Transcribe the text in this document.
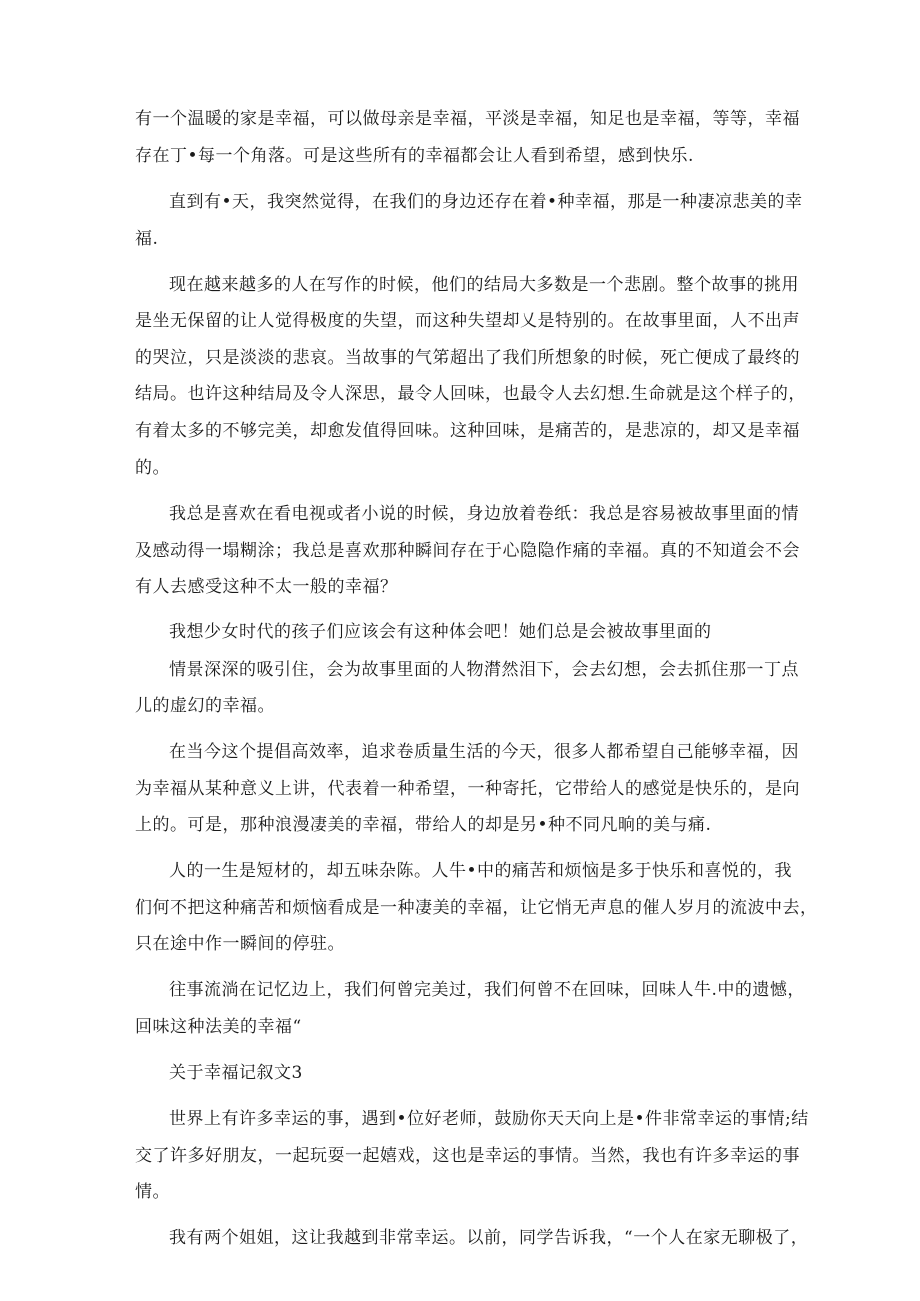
有一个温暖的家是幸福，可以做母亲是幸福，平淡是幸福，知足也是幸福，等等，幸福
存在丁•每一个角落。可是这些所有的幸福都会让人看到希望，感到快乐.
直到有•天，我突然觉得，在我们的身边还存在着•种幸福，那是一种凄凉悲美的幸
福.
现在越来越多的人在写作的时候，他们的结局大多数是一个悲剧。整个故事的挑用
是坐无保留的让人觉得极度的失望，而这种失望却乂是特别的。在故事里面，人不出声
的哭泣，只是淡淡的悲哀。当故事的气笫超出了我们所想象的时候，死亡便成了最终的
结局。也许这种结局及令人深思，最令人回味，也最令人去幻想.生命就是这个样子的，
有着太多的不够完美，却愈发值得回味。这种回味，是痛苦的，是悲凉的，却又是幸福
的。
我总是喜欢在看电视或者小说的时候，身边放着卷纸：我总是容易被故事里面的情
及感动得一塌糊涂；我总是喜欢那种瞬间存在于心隐隐作痛的幸福。真的不知道会不会
有人去感受这种不太一般的幸福？
我想少女时代的孩子们应该会有这种体会吧！她们总是会被故事里面的
情景深深的吸引住，会为故事里面的人物潸然泪下，会去幻想，会去抓住那一丁点
儿的虚幻的幸福。
在当今这个提倡高效率，追求卷质量生活的今天，很多人都希望自己能够幸福，因
为幸福从某种意义上讲，代表着一种希望，一种寄托，它带给人的感觉是快乐的，是向
上的。可是，那种浪漫凄美的幸福，带给人的却是另•种不同凡晌的美与痛.
人的一生是短材的，却五味杂陈。人牛•中的痛苦和烦恼是多于快乐和喜悦的，我
们何不把这种痛苦和烦恼看成是一种凄美的幸福，让它悄无声息的催人岁月的流波中去，
只在途中作一瞬间的停驻。
往事流淌在记忆边上，我们何曾完美过，我们何曾不在回味，回味人牛.中的遗憾，
回味这种法美的幸福“
关于幸福记叙文3
世界上有许多幸运的事，遇到•位好老师，鼓励你天天向上是•件非常幸运的事情;结
交了许多好朋友，一起玩耍一起嬉戏，这也是幸运的事情。当然，我也有许多幸运的事
情。
我有两个姐姐，这让我越到非常幸运。以前，同学告诉我，“一个人在家无聊极了，
